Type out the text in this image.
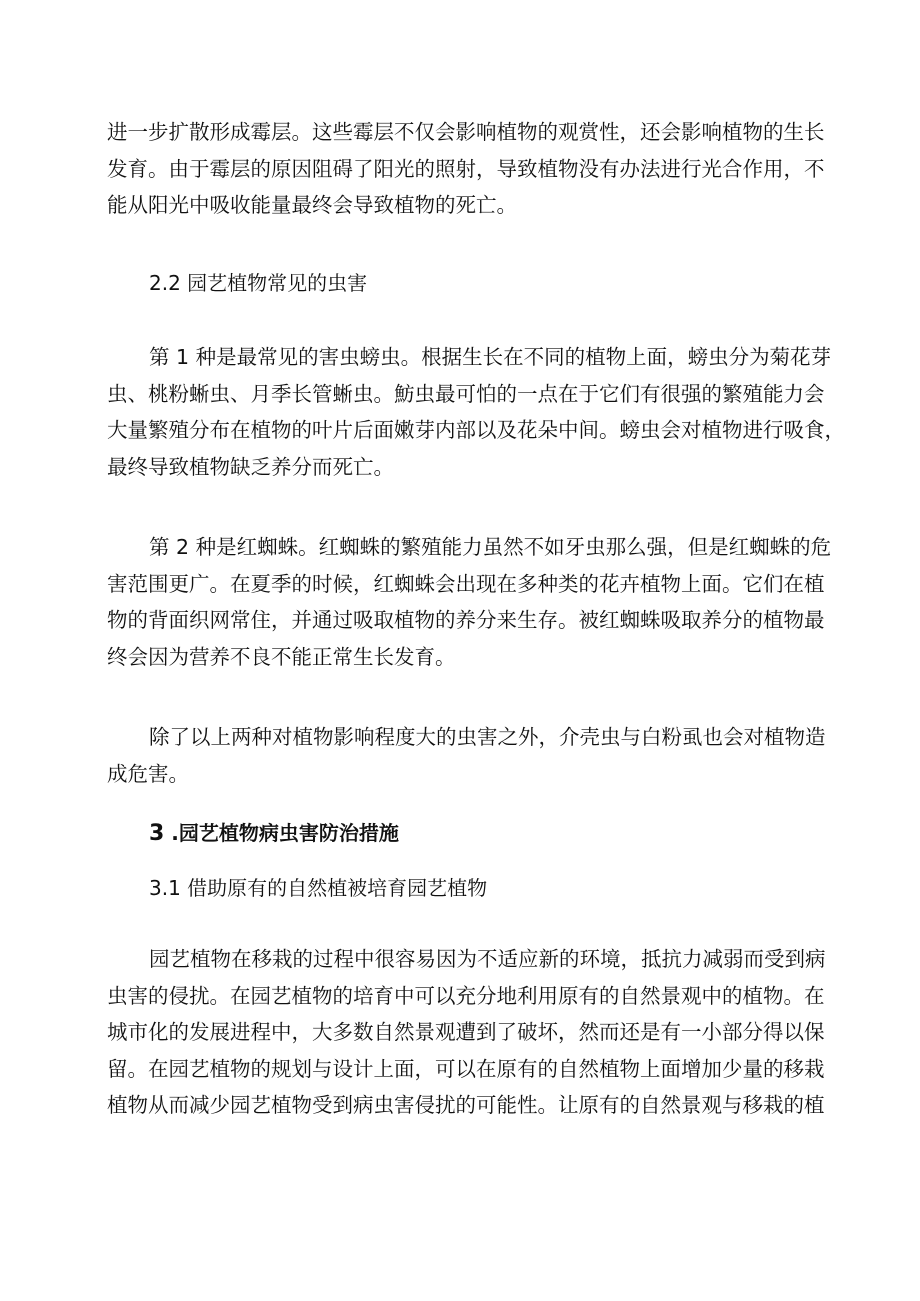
进一步扩散形成霉层。这些霉层不仅会影响植物的观赏性，还会影响植物的生长
发育。由于霉层的原因阻碍了阳光的照射，导致植物没有办法进行光合作用，不
能从阳光中吸收能量最终会导致植物的死亡。
2.2 园艺植物常见的虫害
第 1 种是最常见的害虫螃虫。根据生长在不同的植物上面，螃虫分为菊花芽
虫、桃粉蜥虫、月季长管蜥虫。魴虫最可怕的一点在于它们有很强的繁殖能力会
大量繁殖分布在植物的叶片后面嫩芽内部以及花朵中间。螃虫会对植物进行吸食，
最终导致植物缺乏养分而死亡。
第 2 种是红蜘蛛。红蜘蛛的繁殖能力虽然不如牙虫那么强，但是红蜘蛛的危
害范围更广。在夏季的时候，红蜘蛛会出现在多种类的花卉植物上面。它们在植
物的背面织网常住，并通过吸取植物的养分来生存。被红蜘蛛吸取养分的植物最
终会因为营养不良不能正常生长发育。
除了以上两种对植物影响程度大的虫害之外，介壳虫与白粉虱也会对植物造
成危害。
3 .园艺植物病虫害防治措施
3.1 借助原有的自然植被培育园艺植物
园艺植物在移栽的过程中很容易因为不适应新的环境，抵抗力减弱而受到病
虫害的侵扰。在园艺植物的培育中可以充分地利用原有的自然景观中的植物。在
城市化的发展进程中，大多数自然景观遭到了破坏，然而还是有一小部分得以保
留。在园艺植物的规划与设计上面，可以在原有的自然植物上面增加少量的移栽
植物从而减少园艺植物受到病虫害侵扰的可能性。让原有的自然景观与移栽的植
